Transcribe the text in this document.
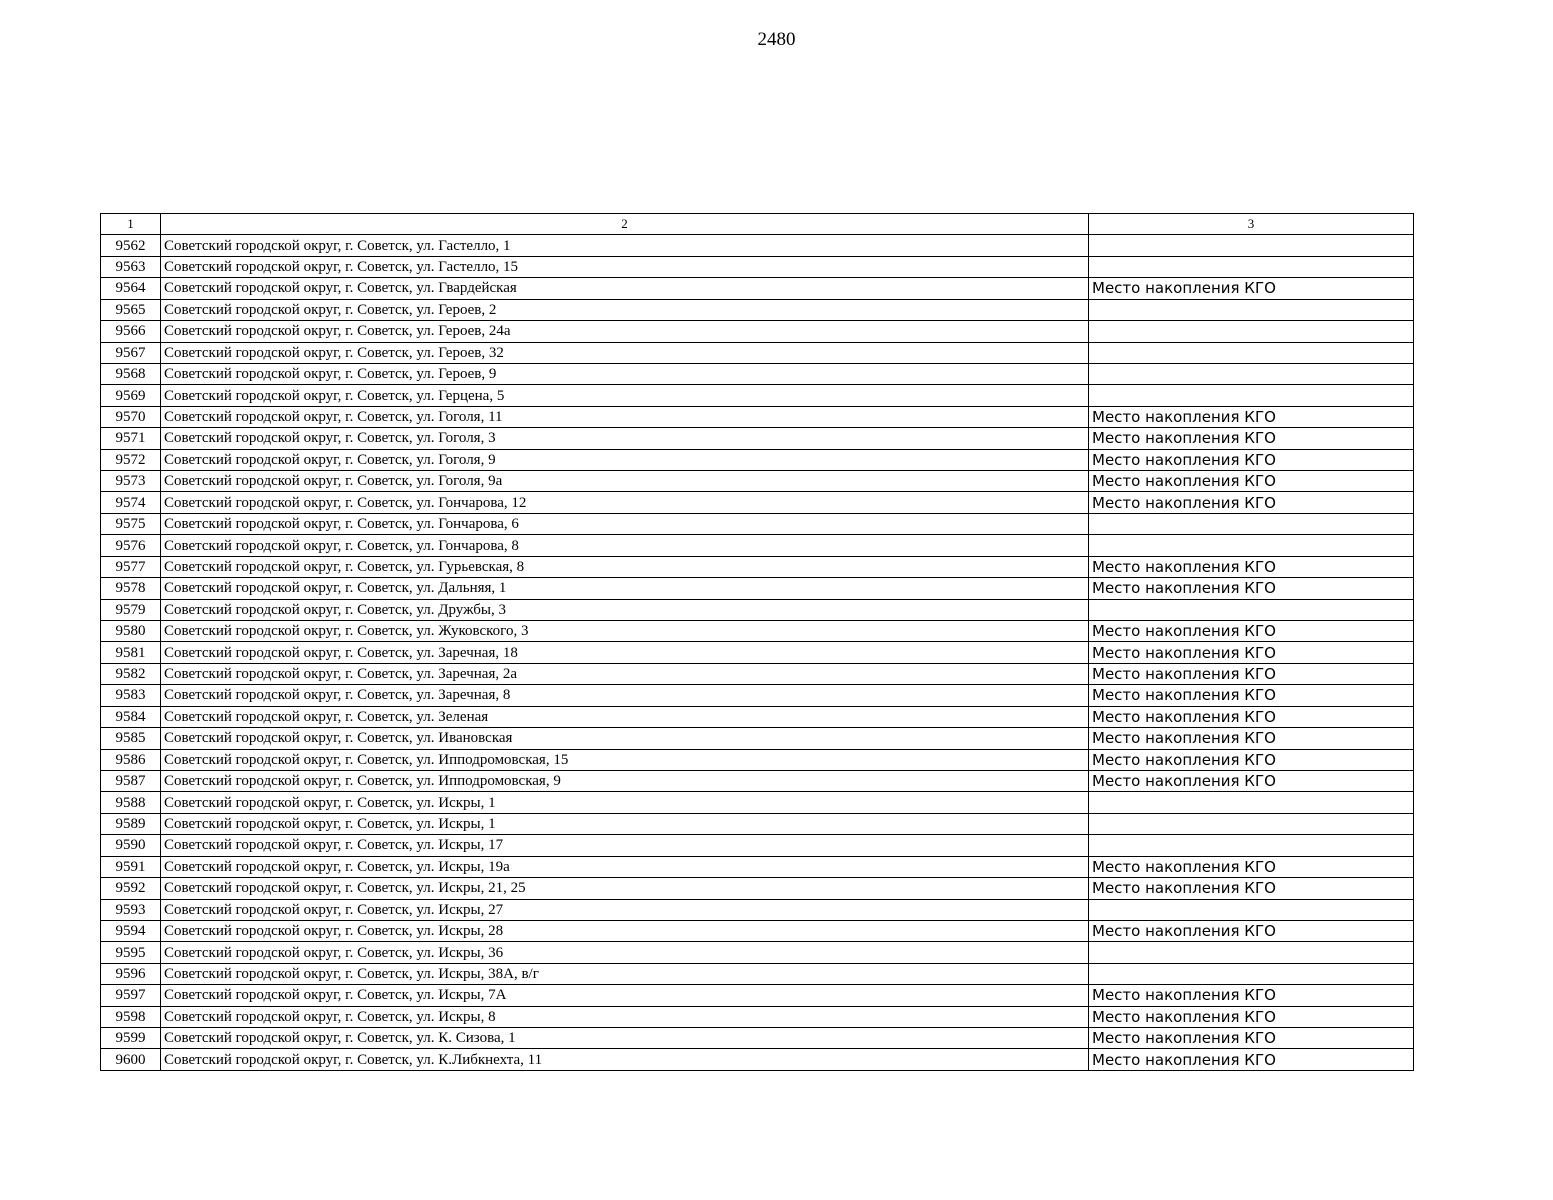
2480
1	2	3
9562	Советский городской округ, г. Советск, ул. Гастелло, 1	
9563	Советский городской округ, г. Советск, ул. Гастелло, 15	
9564	Советский городской округ, г. Советск, ул. Гвардейская	Место накопления КГО
9565	Советский городской округ, г. Советск, ул. Героев, 2	
9566	Советский городской округ, г. Советск, ул. Героев, 24а	
9567	Советский городской округ, г. Советск, ул. Героев, 32	
9568	Советский городской округ, г. Советск, ул. Героев, 9	
9569	Советский городской округ, г. Советск, ул. Герцена, 5	
9570	Советский городской округ, г. Советск, ул. Гоголя, 11	Место накопления КГО
9571	Советский городской округ, г. Советск, ул. Гоголя, 3	Место накопления КГО
9572	Советский городской округ, г. Советск, ул. Гоголя, 9	Место накопления КГО
9573	Советский городской округ, г. Советск, ул. Гоголя, 9а	Место накопления КГО
9574	Советский городской округ, г. Советск, ул. Гончарова, 12	Место накопления КГО
9575	Советский городской округ, г. Советск, ул. Гончарова, 6	
9576	Советский городской округ, г. Советск, ул. Гончарова, 8	
9577	Советский городской округ, г. Советск, ул. Гурьевская, 8	Место накопления КГО
9578	Советский городской округ, г. Советск, ул. Дальняя, 1	Место накопления КГО
9579	Советский городской округ, г. Советск, ул. Дружбы, 3	
9580	Советский городской округ, г. Советск, ул. Жуковского, 3	Место накопления КГО
9581	Советский городской округ, г. Советск, ул. Заречная, 18	Место накопления КГО
9582	Советский городской округ, г. Советск, ул. Заречная, 2а	Место накопления КГО
9583	Советский городской округ, г. Советск, ул. Заречная, 8	Место накопления КГО
9584	Советский городской округ, г. Советск, ул. Зеленая	Место накопления КГО
9585	Советский городской округ, г. Советск, ул. Ивановская	Место накопления КГО
9586	Советский городской округ, г. Советск, ул. Ипподромовская, 15	Место накопления КГО
9587	Советский городской округ, г. Советск, ул. Ипподромовская, 9	Место накопления КГО
9588	Советский городской округ, г. Советск, ул. Искры, 1	
9589	Советский городской округ, г. Советск, ул. Искры, 1	
9590	Советский городской округ, г. Советск, ул. Искры, 17	
9591	Советский городской округ, г. Советск, ул. Искры, 19а	Место накопления КГО
9592	Советский городской округ, г. Советск, ул. Искры, 21, 25	Место накопления КГО
9593	Советский городской округ, г. Советск, ул. Искры, 27	
9594	Советский городской округ, г. Советск, ул. Искры, 28	Место накопления КГО
9595	Советский городской округ, г. Советск, ул. Искры, 36	
9596	Советский городской округ, г. Советск, ул. Искры, 38А, в/г	
9597	Советский городской округ, г. Советск, ул. Искры, 7А	Место накопления КГО
9598	Советский городской округ, г. Советск, ул. Искры, 8	Место накопления КГО
9599	Советский городской округ, г. Советск, ул. К. Сизова, 1	Место накопления КГО
9600	Советский городской округ, г. Советск, ул. К.Либкнехта, 11	Место накопления КГО
